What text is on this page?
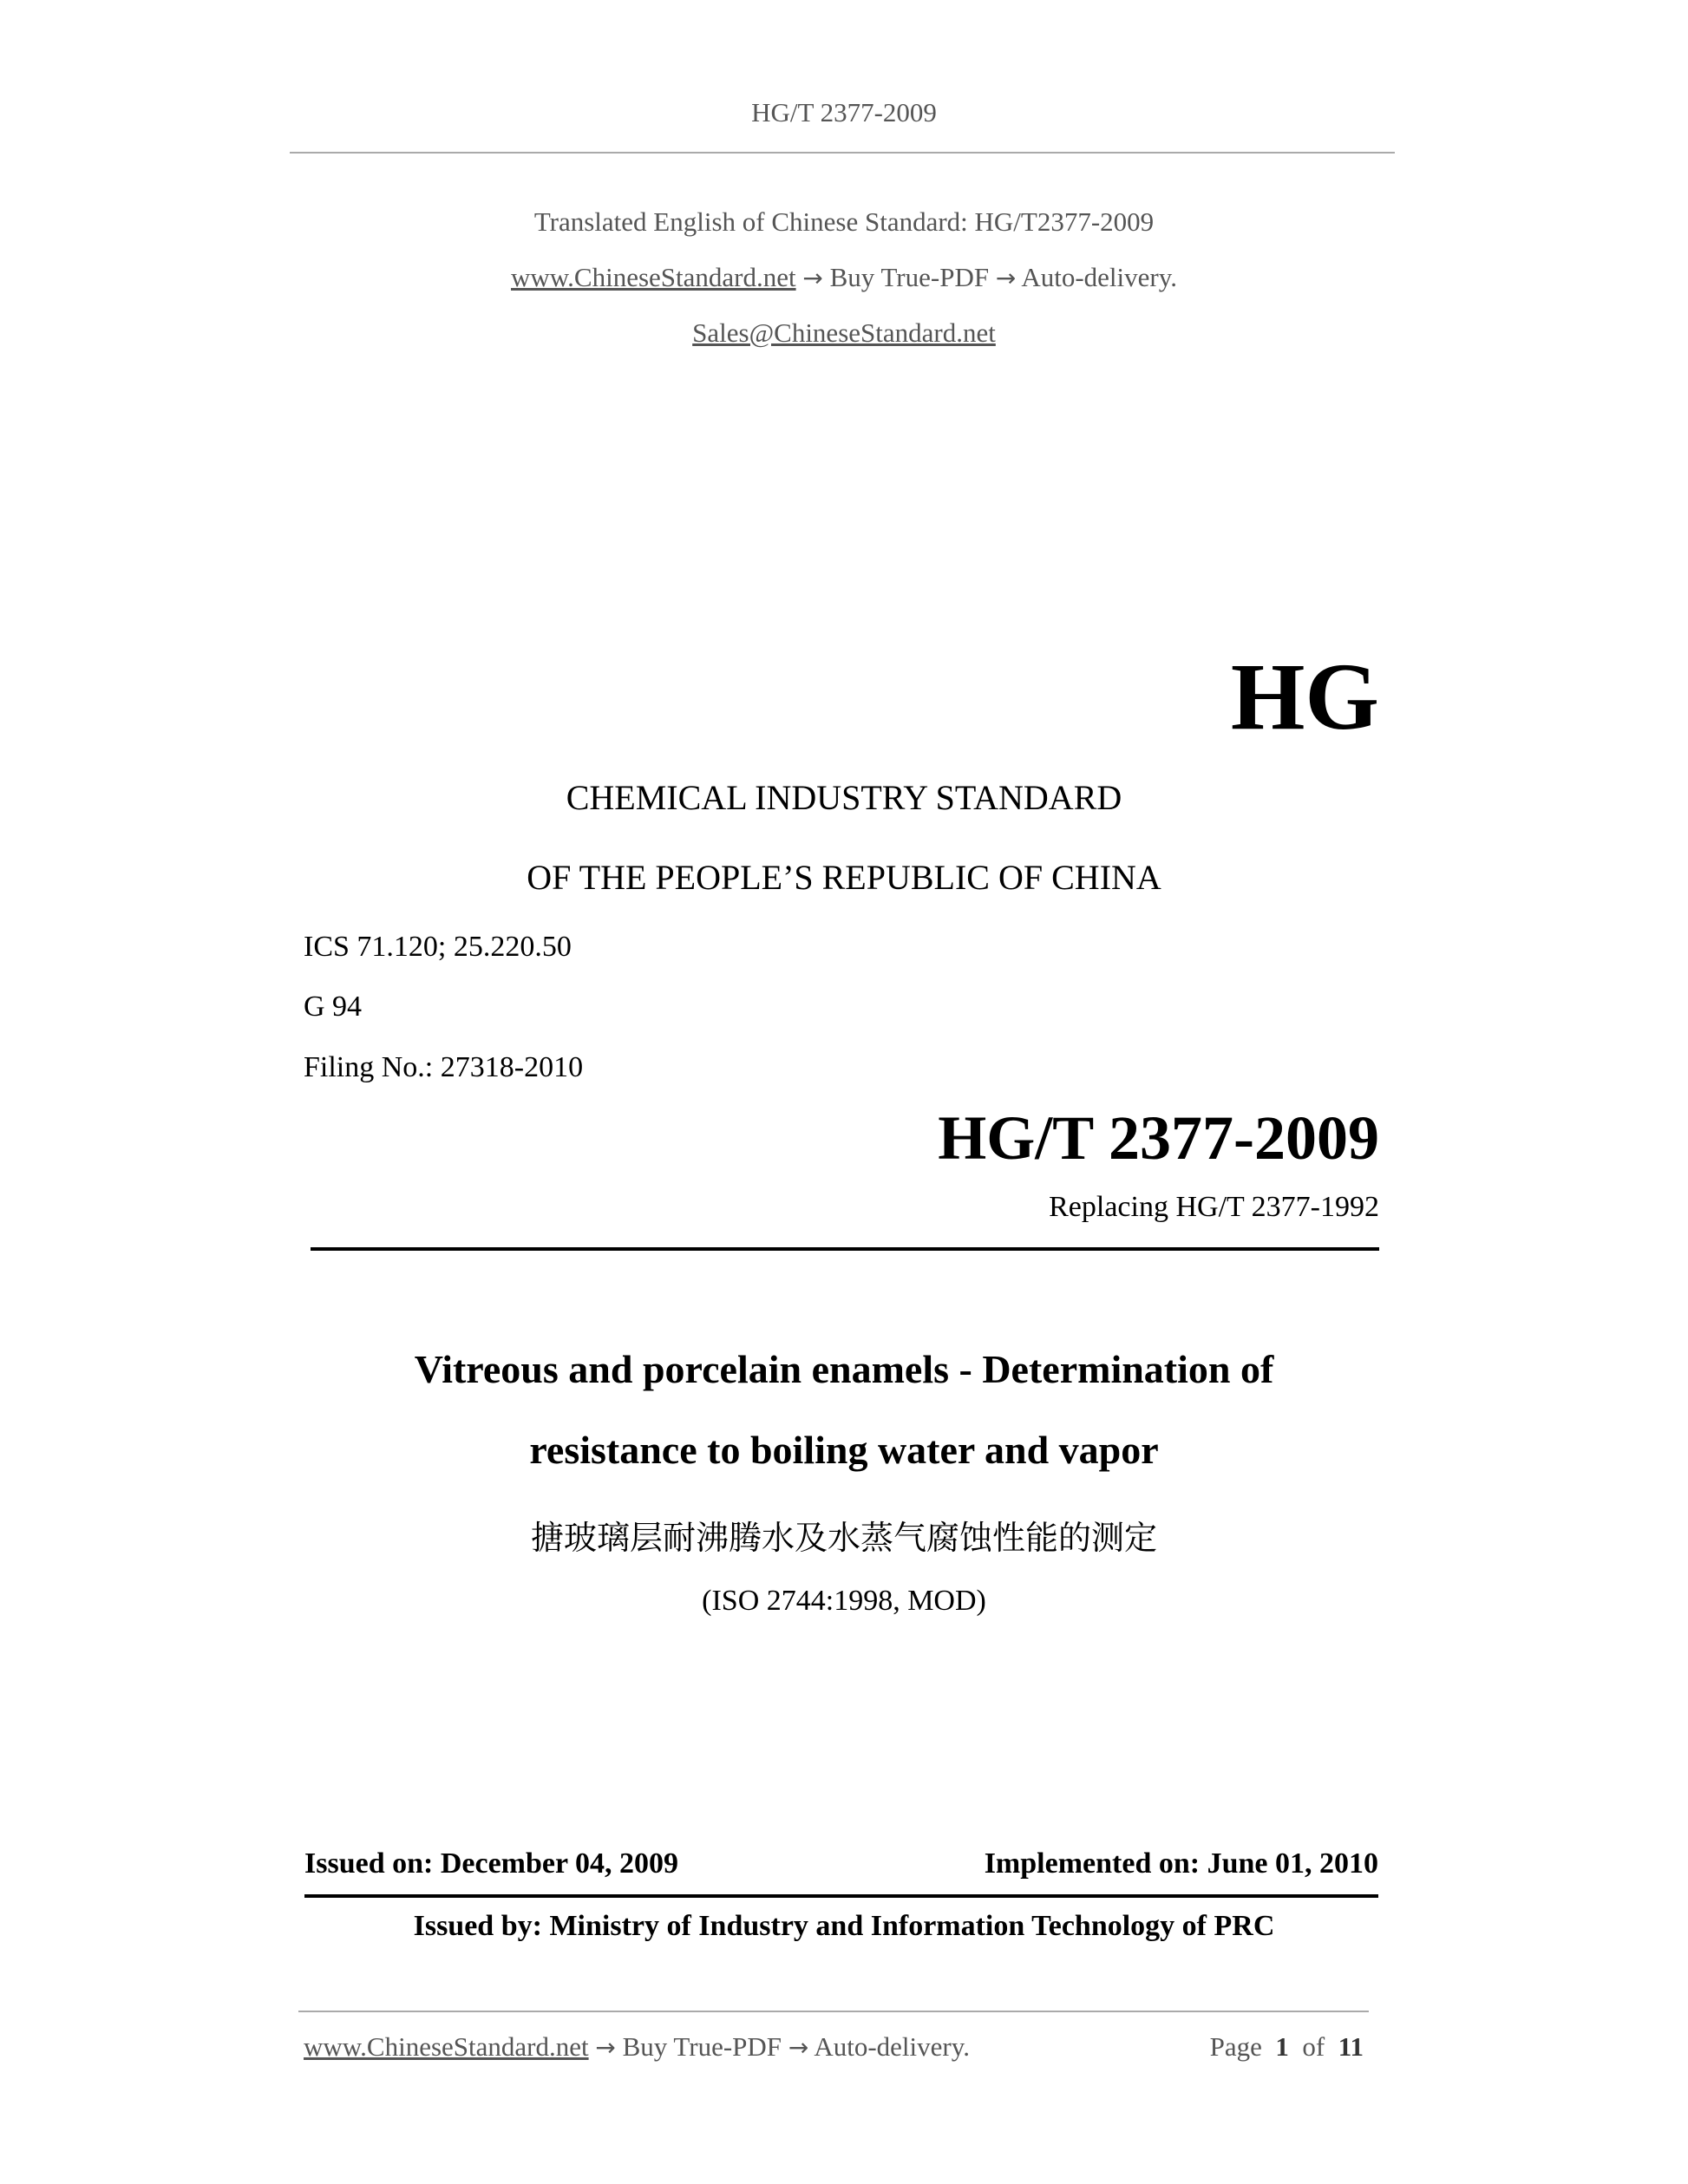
HG/T 2377-2009
Translated English of Chinese Standard: HG/T2377-2009
www.ChineseStandard.net → Buy True-PDF → Auto-delivery.
Sales@ChineseStandard.net
HG
CHEMICAL INDUSTRY STANDARD
OF THE PEOPLE’S REPUBLIC OF CHINA
ICS 71.120; 25.220.50
G 94
Filing No.: 27318-2010
HG/T 2377-2009
Replacing HG/T 2377-1992
Vitreous and porcelain enamels - Determination of
resistance to boiling water and vapor
搪玻璃层耐沸腾水及水蒸气腐蚀性能的测定
(ISO 2744:1998, MOD)
Issued on: December 04, 2009	Implemented on: June 01, 2010
Issued by: Ministry of Industry and Information Technology of PRC
www.ChineseStandard.net → Buy True-PDF → Auto-delivery.	Page 1 of 11
